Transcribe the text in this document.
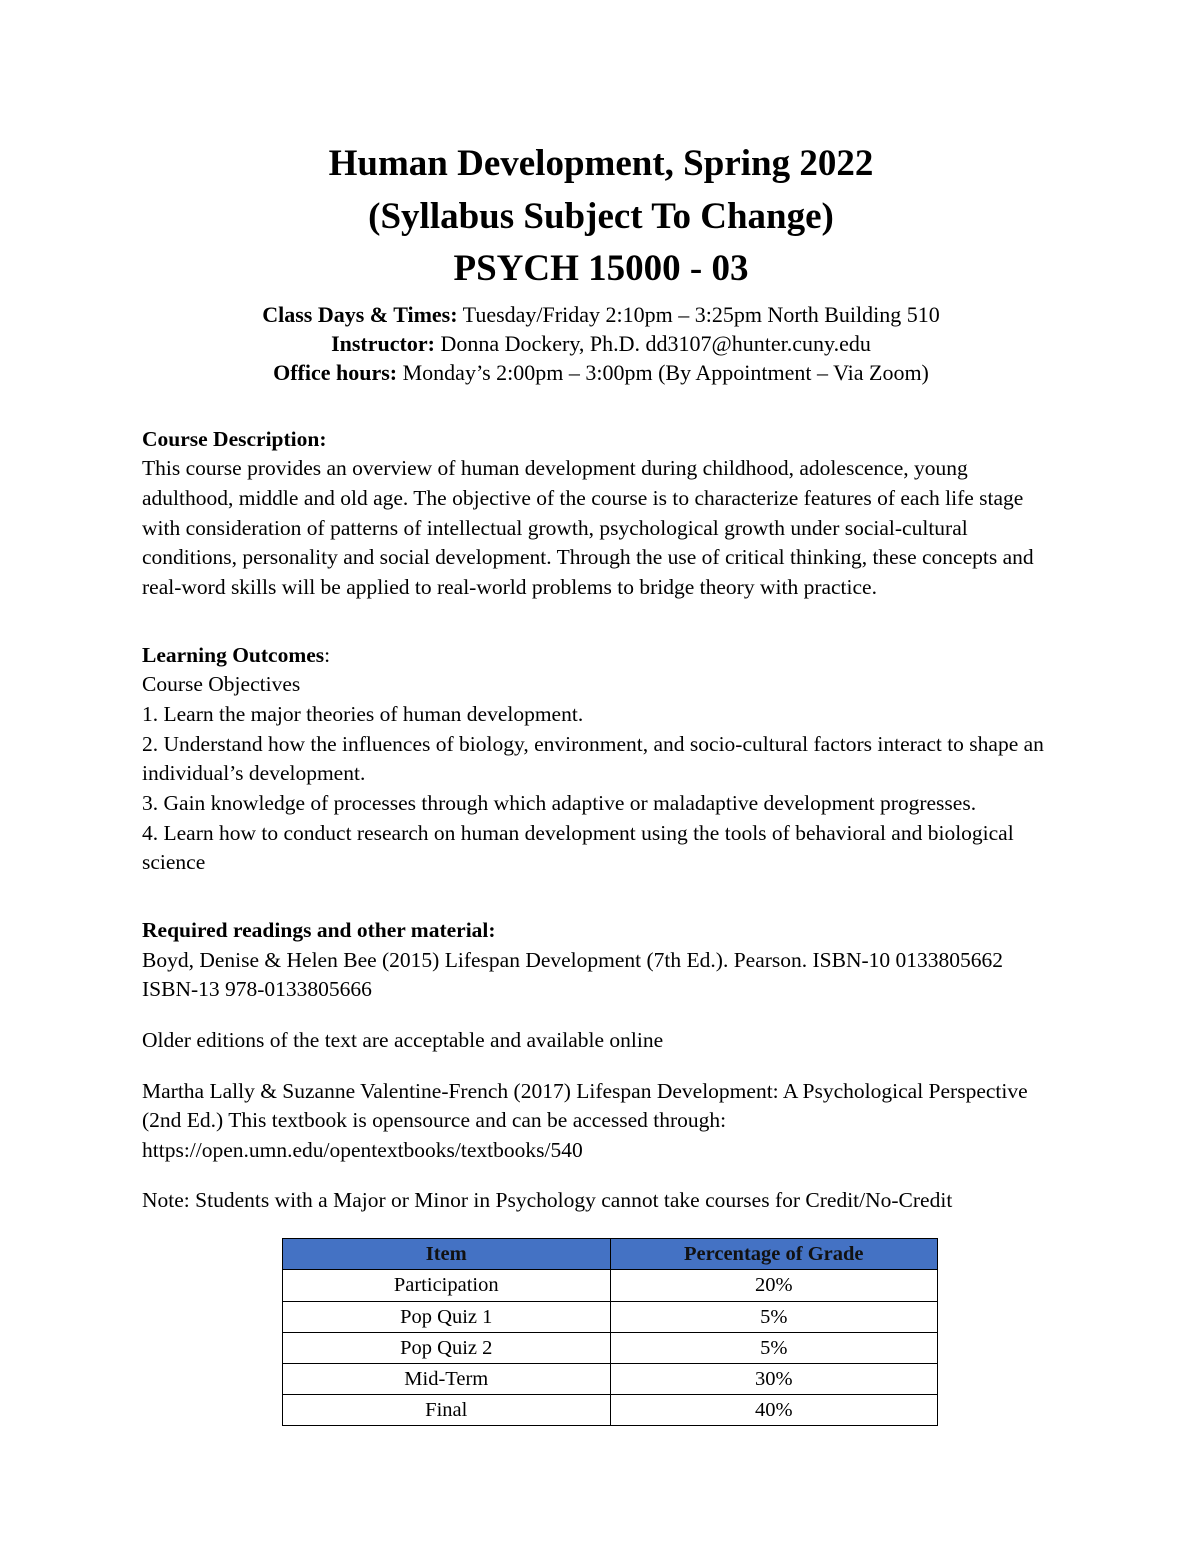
Human Development, Spring 2022
(Syllabus Subject To Change)
PSYCH 15000 - 03
Class Days & Times: Tuesday/Friday 2:10pm – 3:25pm North Building 510
Instructor: Donna Dockery, Ph.D. dd3107@hunter.cuny.edu
Office hours: Monday’s 2:00pm – 3:00pm (By Appointment – Via Zoom)
Course Description:
This course provides an overview of human development during childhood, adolescence, young adulthood, middle and old age. The objective of the course is to characterize features of each life stage with consideration of patterns of intellectual growth, psychological growth under social-cultural conditions, personality and social development. Through the use of critical thinking, these concepts and real-word skills will be applied to real-world problems to bridge theory with practice.
Learning Outcomes:
Course Objectives
1. Learn the major theories of human development.
2. Understand how the influences of biology, environment, and socio-cultural factors interact to shape an individual’s development.
3. Gain knowledge of processes through which adaptive or maladaptive development progresses.
4. Learn how to conduct research on human development using the tools of behavioral and biological science
Required readings and other material:
Boyd, Denise & Helen Bee (2015) Lifespan Development (7th Ed.). Pearson. ISBN-10 0133805662 ISBN-13 978-0133805666
Older editions of the text are acceptable and available online
Martha Lally & Suzanne Valentine-French (2017) Lifespan Development: A Psychological Perspective (2nd Ed.) This textbook is opensource and can be accessed through: https://open.umn.edu/opentextbooks/textbooks/540
Note: Students with a Major or Minor in Psychology cannot take courses for Credit/No-Credit
Item	Percentage of Grade
Participation	20%
Pop Quiz 1	5%
Pop Quiz 2	5%
Mid-Term	30%
Final	40%
